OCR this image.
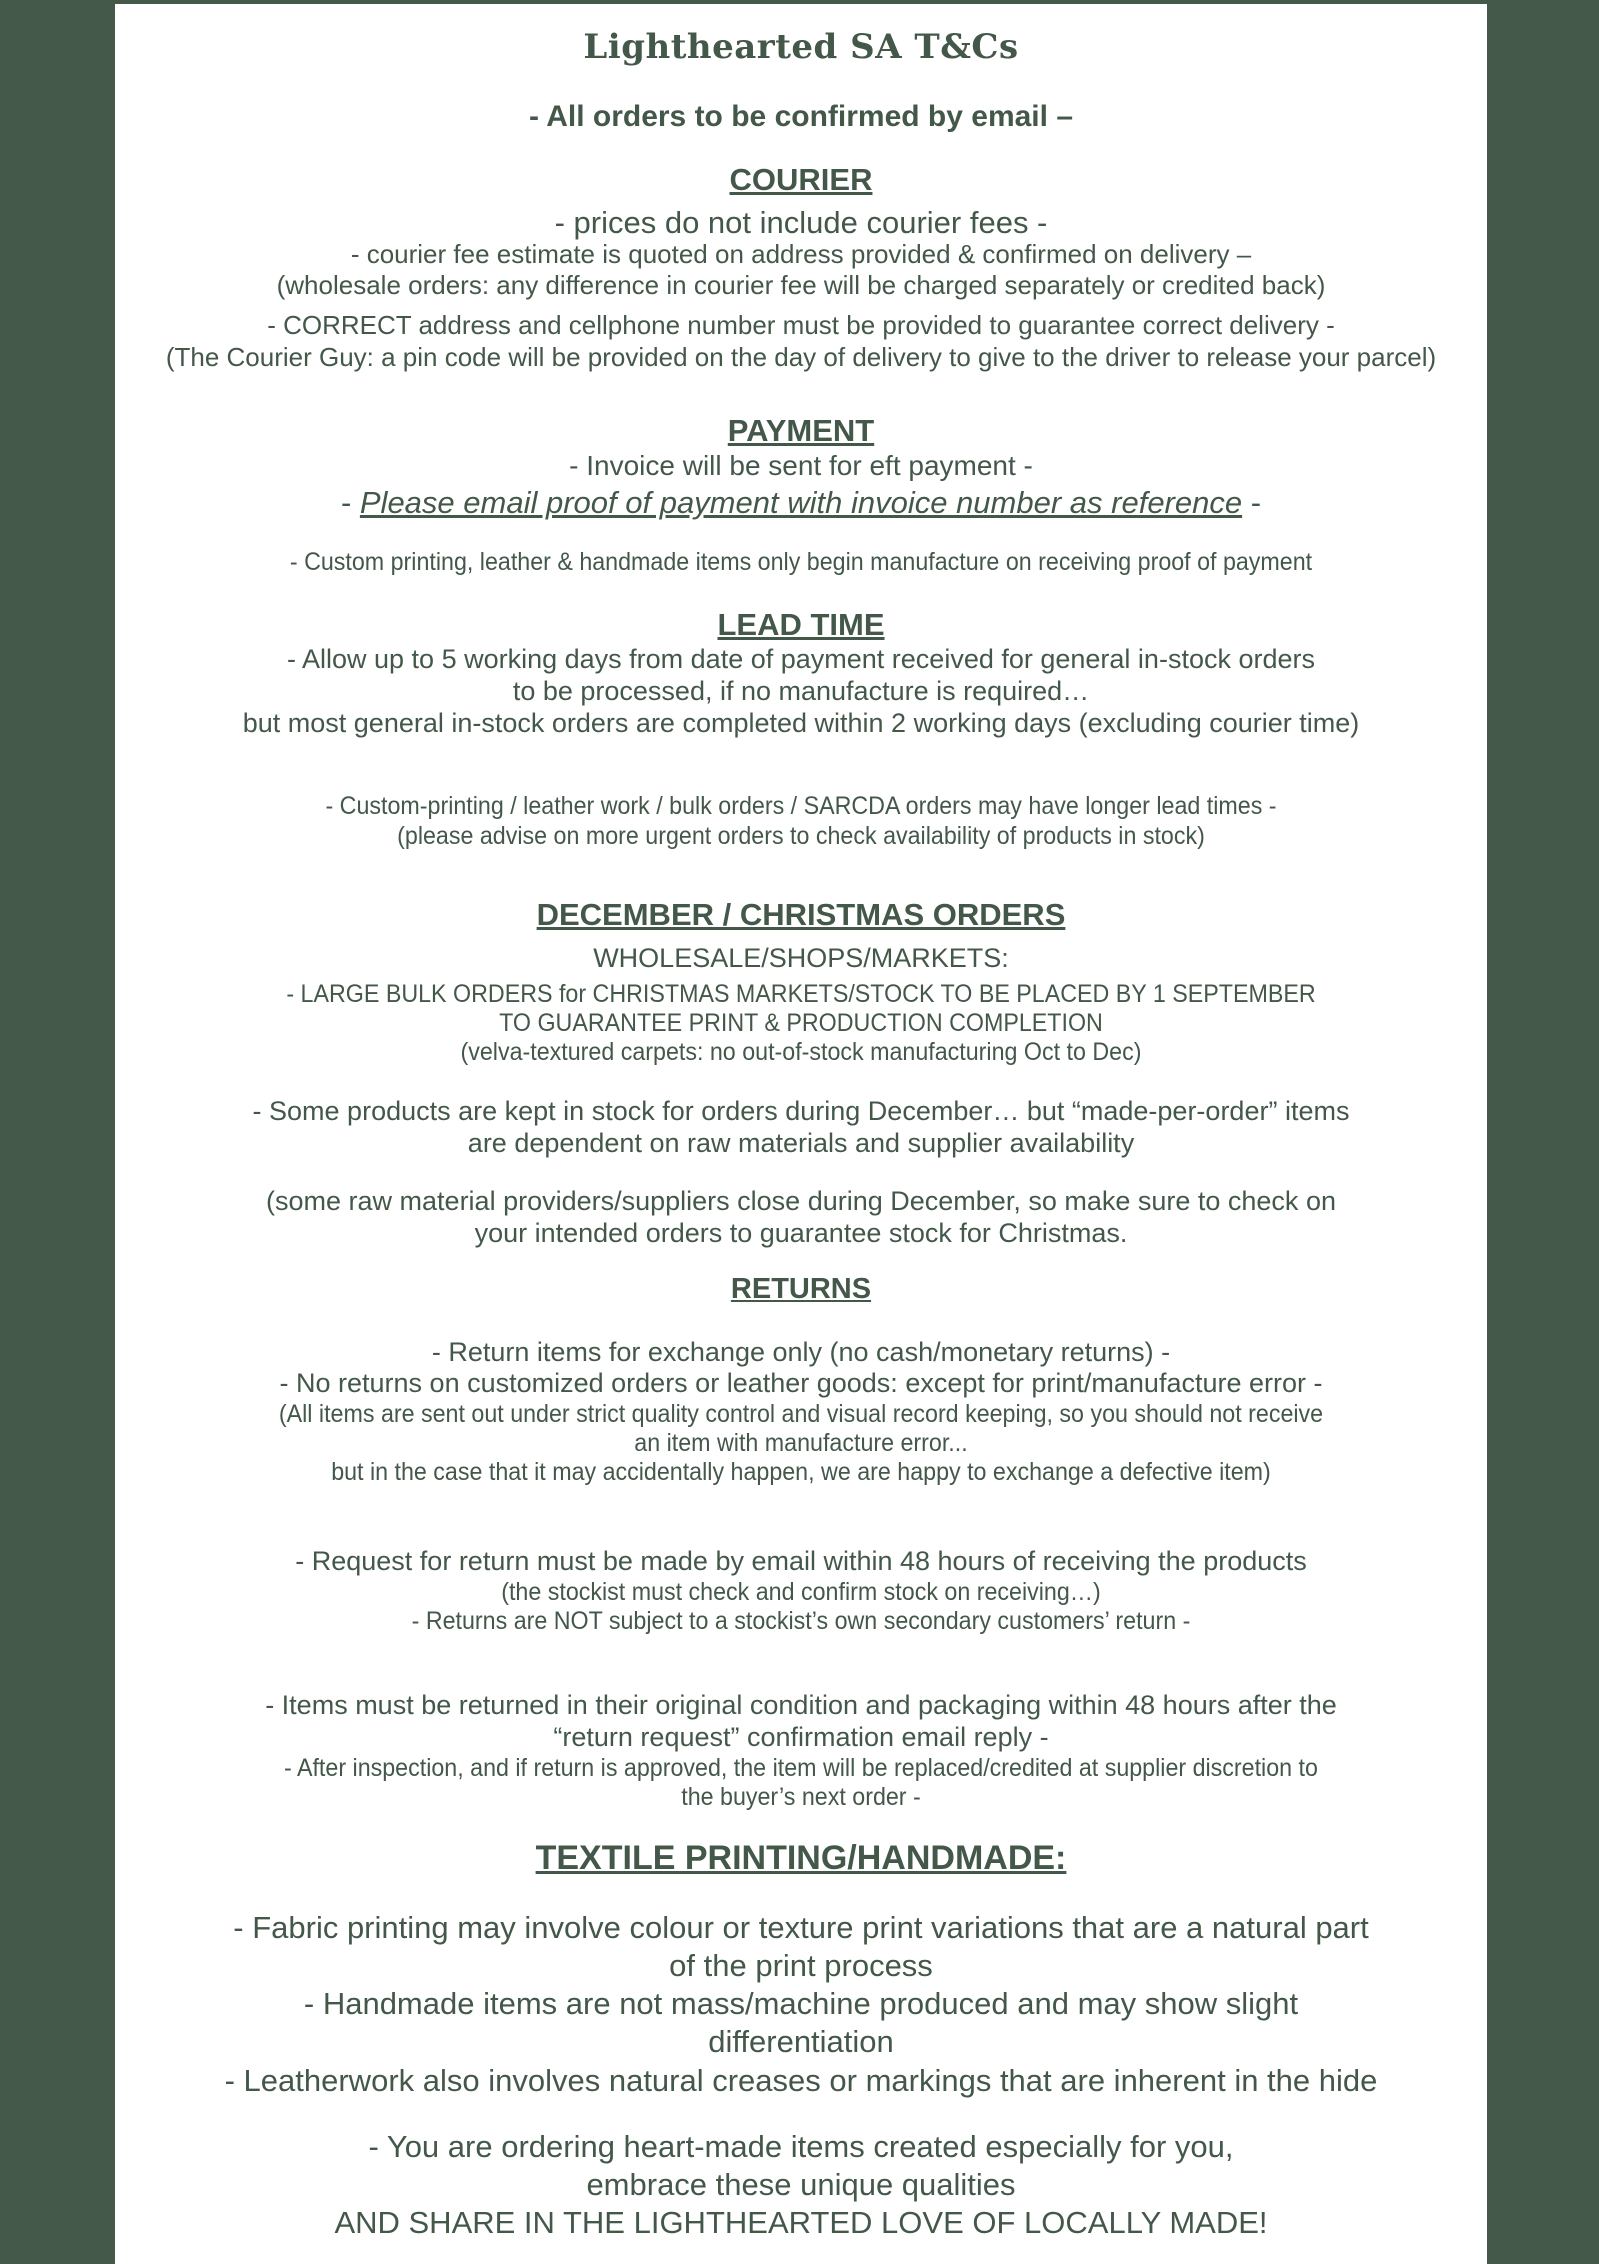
Lighthearted SA T&Cs

- All orders to be confirmed by email –

COURIER

- prices do not include courier fees -

- courier fee estimate is quoted on address provided & confirmed on delivery –

(wholesale orders: any difference in courier fee will be charged separately or credited back)

- CORRECT address and cellphone number must be provided to guarantee correct delivery -

(The Courier Guy: a pin code will be provided on the day of delivery to give to the driver to release your parcel)

PAYMENT

- Invoice will be sent for eft payment -

- Please email proof of payment with invoice number as reference -

- Custom printing, leather & handmade items only begin manufacture on receiving proof of payment

LEAD TIME

- Allow up to 5 working days from date of payment received for general in-stock orders

to be processed, if no manufacture is required…

but most general in-stock orders are completed within 2 working days (excluding courier time)

- Custom-printing / leather work / bulk orders / SARCDA orders may have longer lead times -

(please advise on more urgent orders to check availability of products in stock)

DECEMBER / CHRISTMAS ORDERS

WHOLESALE/SHOPS/MARKETS:

- LARGE BULK ORDERS for CHRISTMAS MARKETS/STOCK TO BE PLACED BY 1 SEPTEMBER

TO GUARANTEE PRINT & PRODUCTION COMPLETION

(velva-textured carpets: no out-of-stock manufacturing Oct to Dec)

- Some products are kept in stock for orders during December… but “made-per-order” items

are dependent on raw materials and supplier availability

(some raw material providers/suppliers close during December, so make sure to check on

your intended orders to guarantee stock for Christmas.

RETURNS

- Return items for exchange only (no cash/monetary returns) -

- No returns on customized orders or leather goods: except for print/manufacture error -

(All items are sent out under strict quality control and visual record keeping, so you should not receive

an item with manufacture error...

but in the case that it may accidentally happen, we are happy to exchange a defective item)

- Request for return must be made by email within 48 hours of receiving the products

(the stockist must check and confirm stock on receiving…)

- Returns are NOT subject to a stockist’s own secondary customers’ return -

- Items must be returned in their original condition and packaging within 48 hours after the

“return request” confirmation email reply -

- After inspection, and if return is approved, the item will be replaced/credited at supplier discretion to

the buyer’s next order -

TEXTILE PRINTING/HANDMADE:

- Fabric printing may involve colour or texture print variations that are a natural part

of the print process

- Handmade items are not mass/machine produced and may show slight

differentiation

- Leatherwork also involves natural creases or markings that are inherent in the hide

- You are ordering heart-made items created especially for you,

embrace these unique qualities

AND SHARE IN THE LIGHTHEARTED LOVE OF LOCALLY MADE!
